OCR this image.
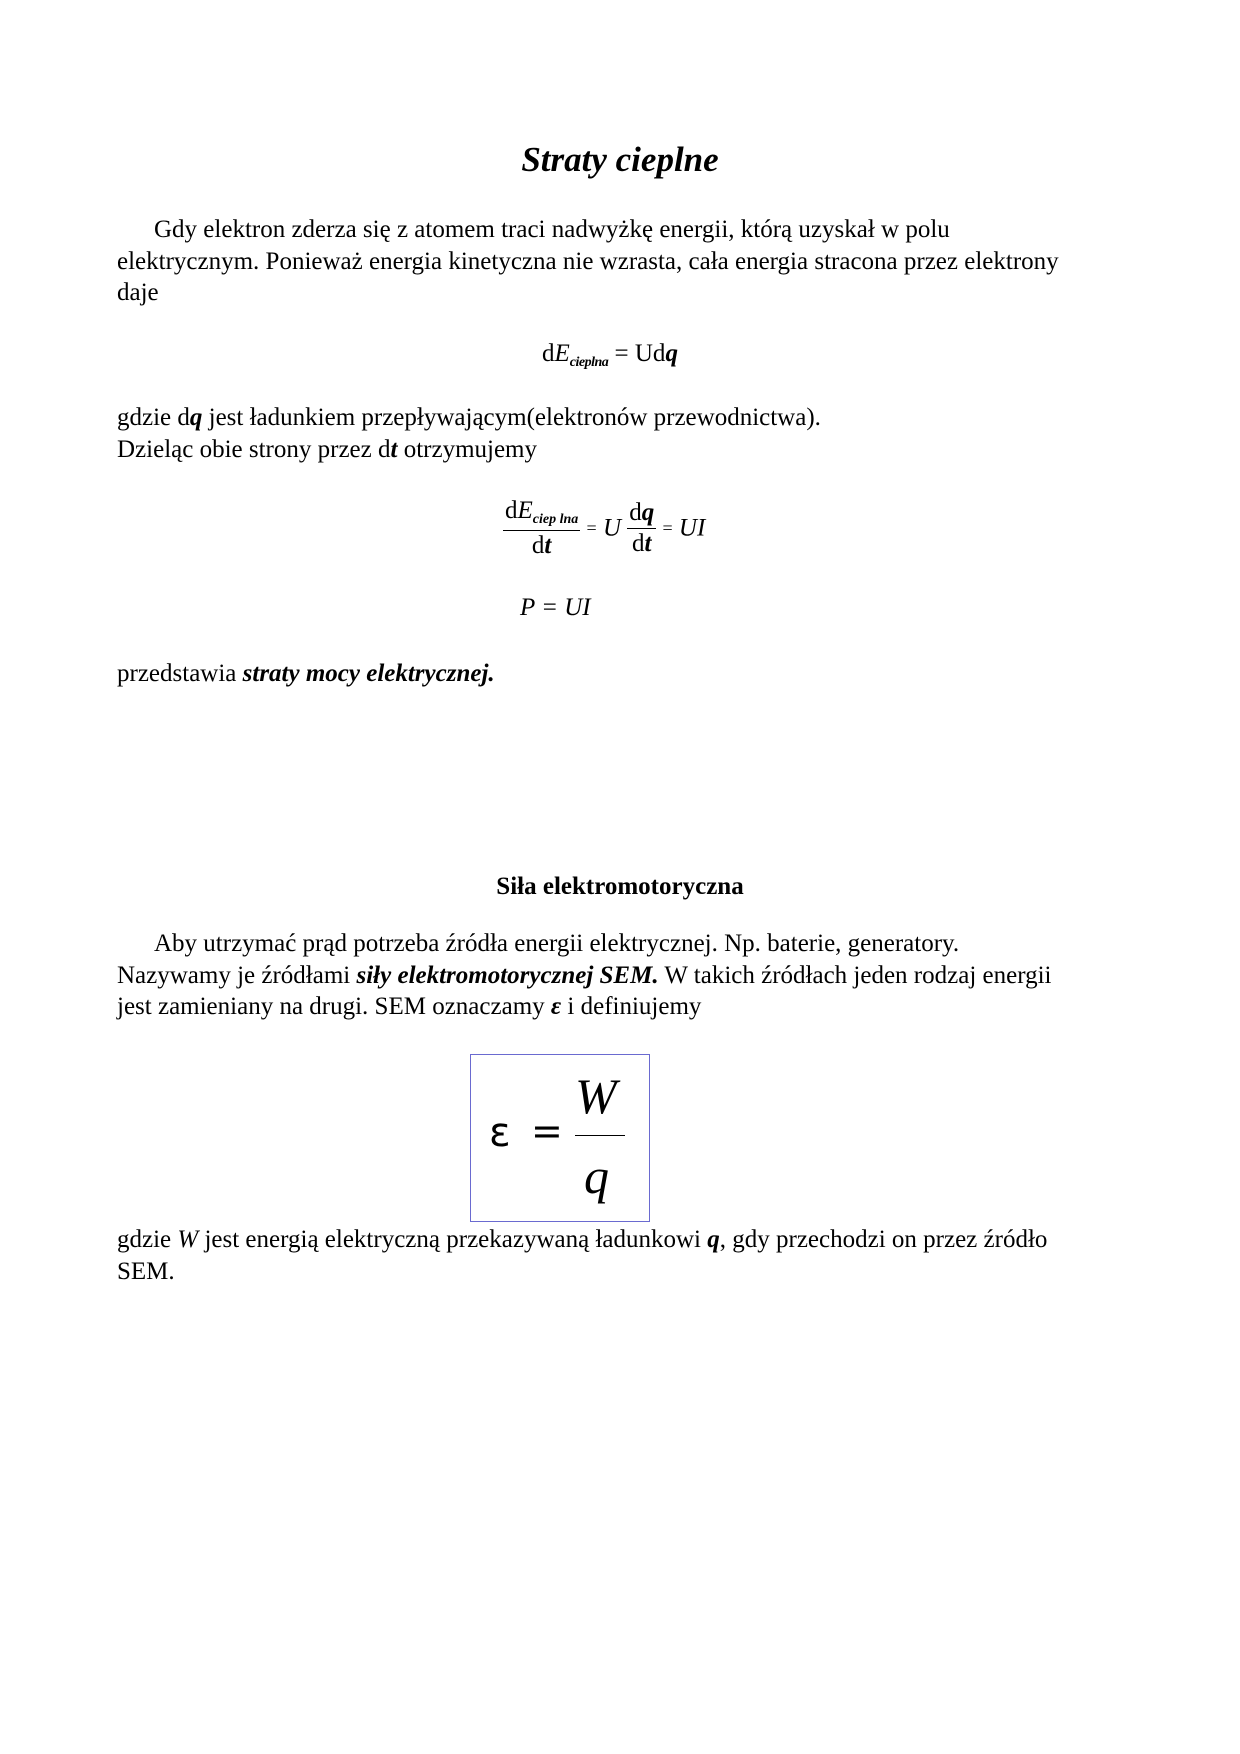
Straty cieplne
Gdy elektron zderza się z atomem traci nadwyżkę energii, którą uzyskał w polu elektrycznym. Ponieważ energia kinetyczna nie wzrasta, cała energia stracona przez elektrony daje
$dE_{cieplna}$ = Udq
gdzie dq jest ładunkiem przepływającym(elektronów przewodnictwa).
Dzieląc obie strony przez dt otrzymujemy
$\frac{dE_{ciep lna}}{dt} = U \frac{dq}{dt}$ = UI
P = UI
przedstawia straty mocy elektrycznej.
Siła elektromotoryczna
Aby utrzymać prąd potrzeba źródła energii elektrycznej. Np. baterie, generatory. Nazywamy je źródłami siły elektromotorycznej SEM. W takich źródłach jeden rodzaj energii jest zamieniany na drugi. SEM oznaczamy ε i definiujemy
ε =
W
q
gdzie W jest energią elektryczną przekazywaną ładunkowi q, gdy przechodzi on przez źródło SEM.
